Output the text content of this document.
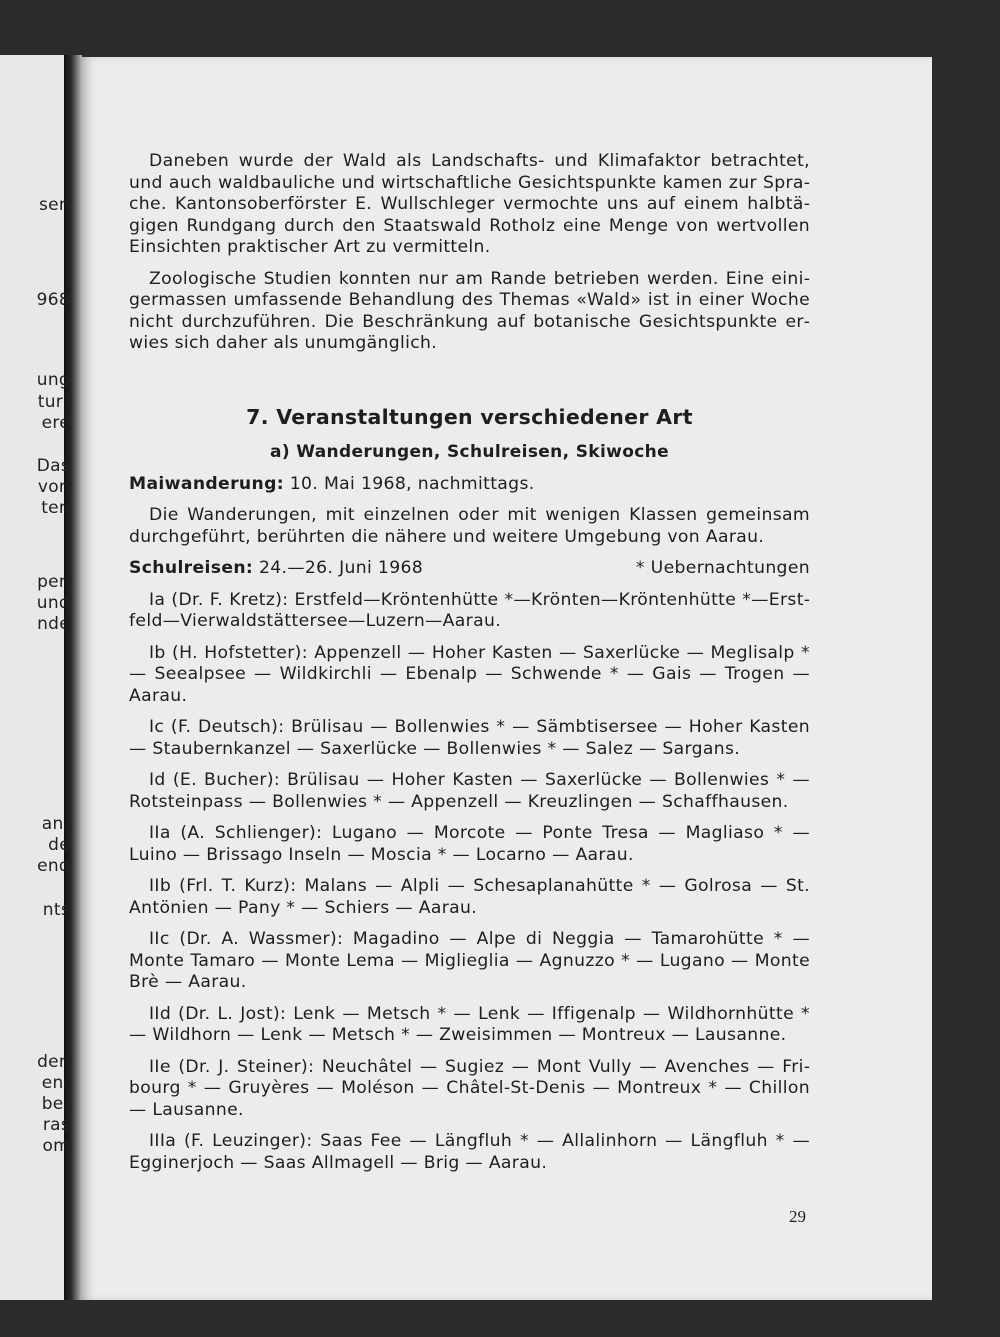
sen
968
ung
tur)
ere
Das
von
ten
pen
und
nde
an-
de
end
nts
den
en-
be-
ras
om

Daneben wurde der Wald als Landschafts- und Klimafaktor betrachtet, und auch waldbauliche und wirtschaftliche Gesichtspunkte kamen zur Sprache. Kantonsoberförster E. Wullschleger vermochte uns auf einem halbtägigen Rundgang durch den Staatswald Rotholz eine Menge von wertvollen Einsichten praktischer Art zu vermitteln.

Zoologische Studien konnten nur am Rande betrieben werden. Eine einigermassen umfassende Behandlung des Themas «Wald» ist in einer Woche nicht durchzuführen. Die Beschränkung auf botanische Gesichtspunkte erwies sich daher als unumgänglich.

7. Veranstaltungen verschiedener Art
a) Wanderungen, Schulreisen, Skiwoche

Maiwanderung: 10. Mai 1968, nachmittags.

Die Wanderungen, mit einzelnen oder mit wenigen Klassen gemeinsam durchgeführt, berührten die nähere und weitere Umgebung von Aarau.

Schulreisen: 24.—26. Juni 1968	* Uebernachtungen

Ia (Dr. F. Kretz): Erstfeld—Kröntenhütte *—Krönten—Kröntenhütte *—Erstfeld—Vierwaldstättersee—Luzern—Aarau.

Ib (H. Hofstetter): Appenzell — Hoher Kasten — Saxerlücke — Meglisalp * — Seealpsee — Wildkirchli — Ebenalp — Schwende * — Gais — Trogen — Aarau.

Ic (F. Deutsch): Brülisau — Bollenwies * — Sämbtisersee — Hoher Kasten — Staubernkanzel — Saxerlücke — Bollenwies * — Salez — Sargans.

Id (E. Bucher): Brülisau — Hoher Kasten — Saxerlücke — Bollenwies * — Rotsteinpass — Bollenwies * — Appenzell — Kreuzlingen — Schaffhausen.

IIa (A. Schlienger): Lugano — Morcote — Ponte Tresa — Magliaso * — Luino — Brissago Inseln — Moscia * — Locarno — Aarau.

IIb (Frl. T. Kurz): Malans — Alpli — Schesaplanahütte * — Golrosa — St. Antönien — Pany * — Schiers — Aarau.

IIc (Dr. A. Wassmer): Magadino — Alpe di Neggia — Tamarohütte * — Monte Tamaro — Monte Lema — Miglieglia — Agnuzzo * — Lugano — Monte Brè — Aarau.

IId (Dr. L. Jost): Lenk — Metsch * — Lenk — Iffigenalp — Wildhornhütte * — Wildhorn — Lenk — Metsch * — Zweisimmen — Montreux — Lausanne.

IIe (Dr. J. Steiner): Neuchâtel — Sugiez — Mont Vully — Avenches — Fribourg * — Gruyères — Moléson — Châtel-St-Denis — Montreux * — Chillon — Lausanne.

IIIa (F. Leuzinger): Saas Fee — Längfluh * — Allalinhorn — Längfluh * — Egginerjoch — Saas Allmagell — Brig — Aarau.

29
